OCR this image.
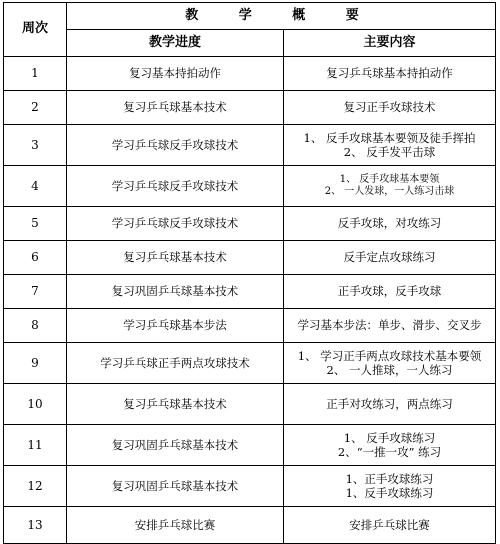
周次	教 学 概 要	
	教学进度	主要内容
1	复习基本持拍动作	复习乒乓球基本持拍动作

2	复习乒乓球基本技术	复习正手攻球技术

3	学习乒乓球反手攻球技术	1、 反手攻球基本要领及徒手挥拍
2、 反手发平击球

4	学习乒乓球反手攻球技术	1、 反手攻球基本要领
2、 一人发球，一人练习击球

5	学习乒乓球反手攻球技术	反手攻球，对攻练习

6	复习乒乓球基本技术	反手定点攻球练习

7	复习巩固乒乓球基本技术	正手攻球，反手攻球

8	学习乒乓球基本步法	学习基本步法：单步、滑步、交叉步

9	学习乒乓球正手两点攻球技术	1、 学习正手两点攻球技术基本要领
2、 一人推球，一人练习

10	复习乒乓球基本技术	正手对攻练习，两点练习

11	复习巩固乒乓球基本技术	1、 反手攻球练习
2、“一推一攻” 练习

12	复习巩固乒乓球基本技术	1、正手攻球练习
1、反手攻球练习

13	安排乒乓球比赛	安排乒乓球比赛
